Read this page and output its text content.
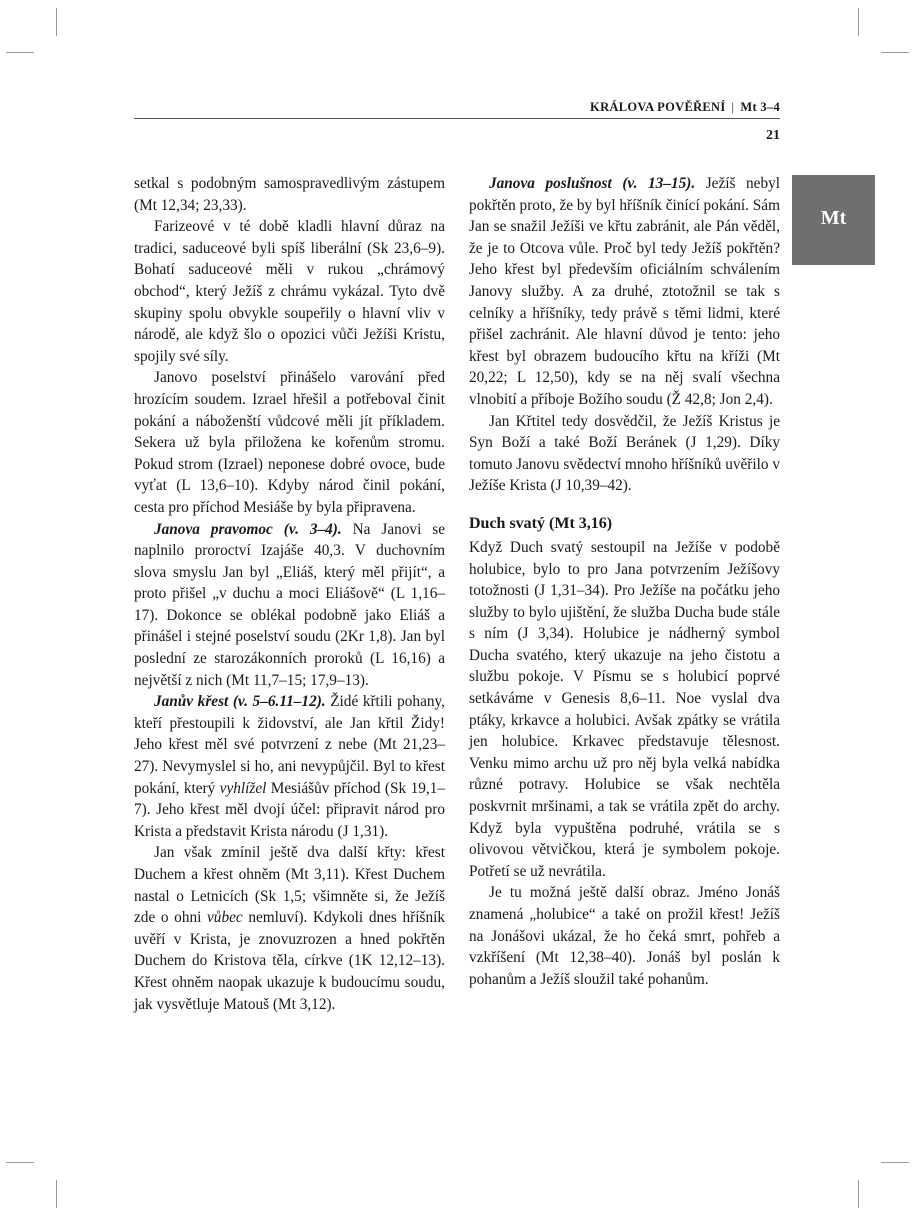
KRÁLOVA POVĚŘENÍ | Mt 3–4
21
Mt

setkal s podobným samospravedlivým zástupem (Mt 12,34; 23,33).

Farizeové v té době kladli hlavní důraz na tradici, saduceové byli spíš liberální (Sk 23,6–9). Bohatí saduceové měli v rukou „chrámový obchod“, který Ježíš z chrámu vykázal. Tyto dvě skupiny spolu obvykle soupeřily o hlavní vliv v národě, ale když šlo o opozici vůči Ježíši Kristu, spojily své síly.

Janovo poselství přinášelo varování před hrozícím soudem. Izrael hřešil a potřeboval činit pokání a náboženští vůdcové měli jít příkladem. Sekera už byla přiložena ke kořenům stromu. Pokud strom (Izrael) neponese dobré ovoce, bude vyťat (L 13,6–10). Kdyby národ činil pokání, cesta pro příchod Mesiáše by byla připravena.

Janova pravomoc (v. 3–4). Na Janovi se naplnilo proroctví Izajáše 40,3. V duchovním slova smyslu Jan byl „Eliáš, který měl přijít“, a proto přišel „v duchu a moci Eliášově“ (L 1,16–17). Dokonce se oblékal podobně jako Eliáš a přinášel i stejné poselství soudu (2Kr 1,8). Jan byl poslední ze starozákonních proroků (L 16,16) a největší z nich (Mt 11,7–15; 17,9–13).

Janův křest (v. 5–6.11–12). Židé křtili pohany, kteří přestoupili k židovství, ale Jan křtil Židy! Jeho křest měl své potvrzení z nebe (Mt 21,23–27). Nevymyslel si ho, ani nevypůjčil. Byl to křest pokání, který vyhlížel Mesiášův příchod (Sk 19,1–7). Jeho křest měl dvojí účel: připravit národ pro Krista a představit Krista národu (J 1,31).

Jan však zmínil ještě dva další křty: křest Duchem a křest ohněm (Mt 3,11). Křest Duchem nastal o Letnicích (Sk 1,5; všimněte si, že Ježíš zde o ohni vůbec nemluví). Kdykoli dnes hříšník uvěří v Krista, je znovuzrozen a hned pokřtěn Duchem do Kristova těla, církve (1K 12,12–13). Křest ohněm naopak ukazuje k budoucímu soudu, jak vysvětluje Matouš (Mt 3,12).

Janova poslušnost (v. 13–15). Ježíš nebyl pokřtěn proto, že by byl hříšník činící pokání. Sám Jan se snažil Ježíši ve křtu zabránit, ale Pán věděl, že je to Otcova vůle. Proč byl tedy Ježíš pokřtěn? Jeho křest byl především oficiálním schválením Janovy služby. A za druhé, ztotožnil se tak s celníky a hříšníky, tedy právě s těmi lidmi, které přišel zachránit. Ale hlavní důvod je tento: jeho křest byl obrazem budoucího křtu na kříži (Mt 20,22; L 12,50), kdy se na něj svalí všechna vlnobití a příboje Božího soudu (Ž 42,8; Jon 2,4).

Jan Křtitel tedy dosvědčil, že Ježíš Kristus je Syn Boží a také Boží Beránek (J 1,29). Díky tomuto Janovu svědectví mnoho hříšníků uvěřilo v Ježíše Krista (J 10,39–42).

Duch svatý (Mt 3,16)

Když Duch svatý sestoupil na Ježíše v podobě holubice, bylo to pro Jana potvrzením Ježíšovy totožnosti (J 1,31–34). Pro Ježíše na počátku jeho služby to bylo ujištění, že služba Ducha bude stále s ním (J 3,34). Holubice je nádherný symbol Ducha svatého, který ukazuje na jeho čistotu a službu pokoje. V Písmu se s holubicí poprvé setkáváme v Genesis 8,6–11. Noe vyslal dva ptáky, krkavce a holubici. Avšak zpátky se vrátila jen holubice. Krkavec představuje tělesnost. Venku mimo archu už pro něj byla velká nabídka různé potravy. Holubice se však nechtěla poskvrnit mršinami, a tak se vrátila zpět do archy. Když byla vypuštěna podruhé, vrátila se s olivovou větvičkou, která je symbolem pokoje. Potřetí se už nevrátila.

Je tu možná ještě další obraz. Jméno Jonáš znamená „holubice“ a také on prožil křest! Ježíš na Jonášovi ukázal, že ho čeká smrt, pohřeb a vzkříšení (Mt 12,38–40). Jonáš byl poslán k pohanům a Ježíš sloužil také pohanům.
